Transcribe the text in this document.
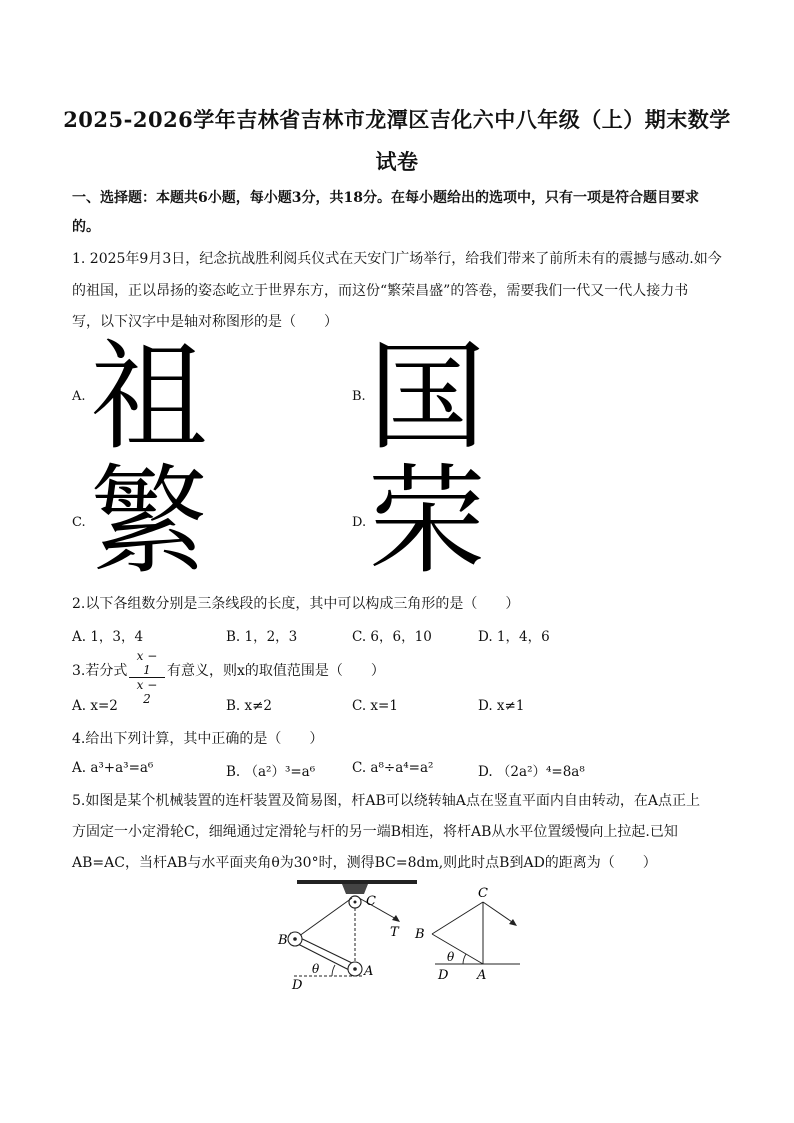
2025-2026学年吉林省吉林市龙潭区吉化六中八年级（上）期末数学
试卷
一、选择题：本题共6小题，每小题3分，共18分。在每小题给出的选项中，只有一项是符合题目要求
的。
1. 2025年9月3日，纪念抗战胜利阅兵仪式在天安门广场举行，给我们带来了前所未有的震撼与感动.如今
的祖国，正以昂扬的姿态屹立于世界东方，而这份“繁荣昌盛”的答卷，需要我们一代又一代人接力书
写，以下汉字中是轴对称图形的是（　　）
A. 祖	B. 国
C. 繁	D. 荣
2.以下各组数分别是三条线段的长度，其中可以构成三角形的是（　　）
A. 1，3，4	B. 1，2，3	C. 6，6，10	D. 1，4，6
3.若分式
x − 1
x − 2
有意义，则x的取值范围是（　　）
A. x=2	B. x≠2	C. x=1	D. x≠1
4.给出下列计算，其中正确的是（　　）
A. a³+a³=a⁶	B. （a²）³=a⁶	C. a⁸÷a⁴=a²	D. （2a²）⁴=8a⁸
5.如图是某个机械装置的连杆装置及简易图，杆AB可以绕转轴A点在竖直平面内自由转动，在A点正上
方固定一小定滑轮C，细绳通过定滑轮与杆的另一端B相连，将杆AB从水平位置缓慢向上拉起.已知
AB=AC，当杆AB与水平面夹角θ为30°时，测得BC=8dm,则此时点B到AD的距离为（　　）
B
C
T
A
D
θ
C
B
A
D
θ
